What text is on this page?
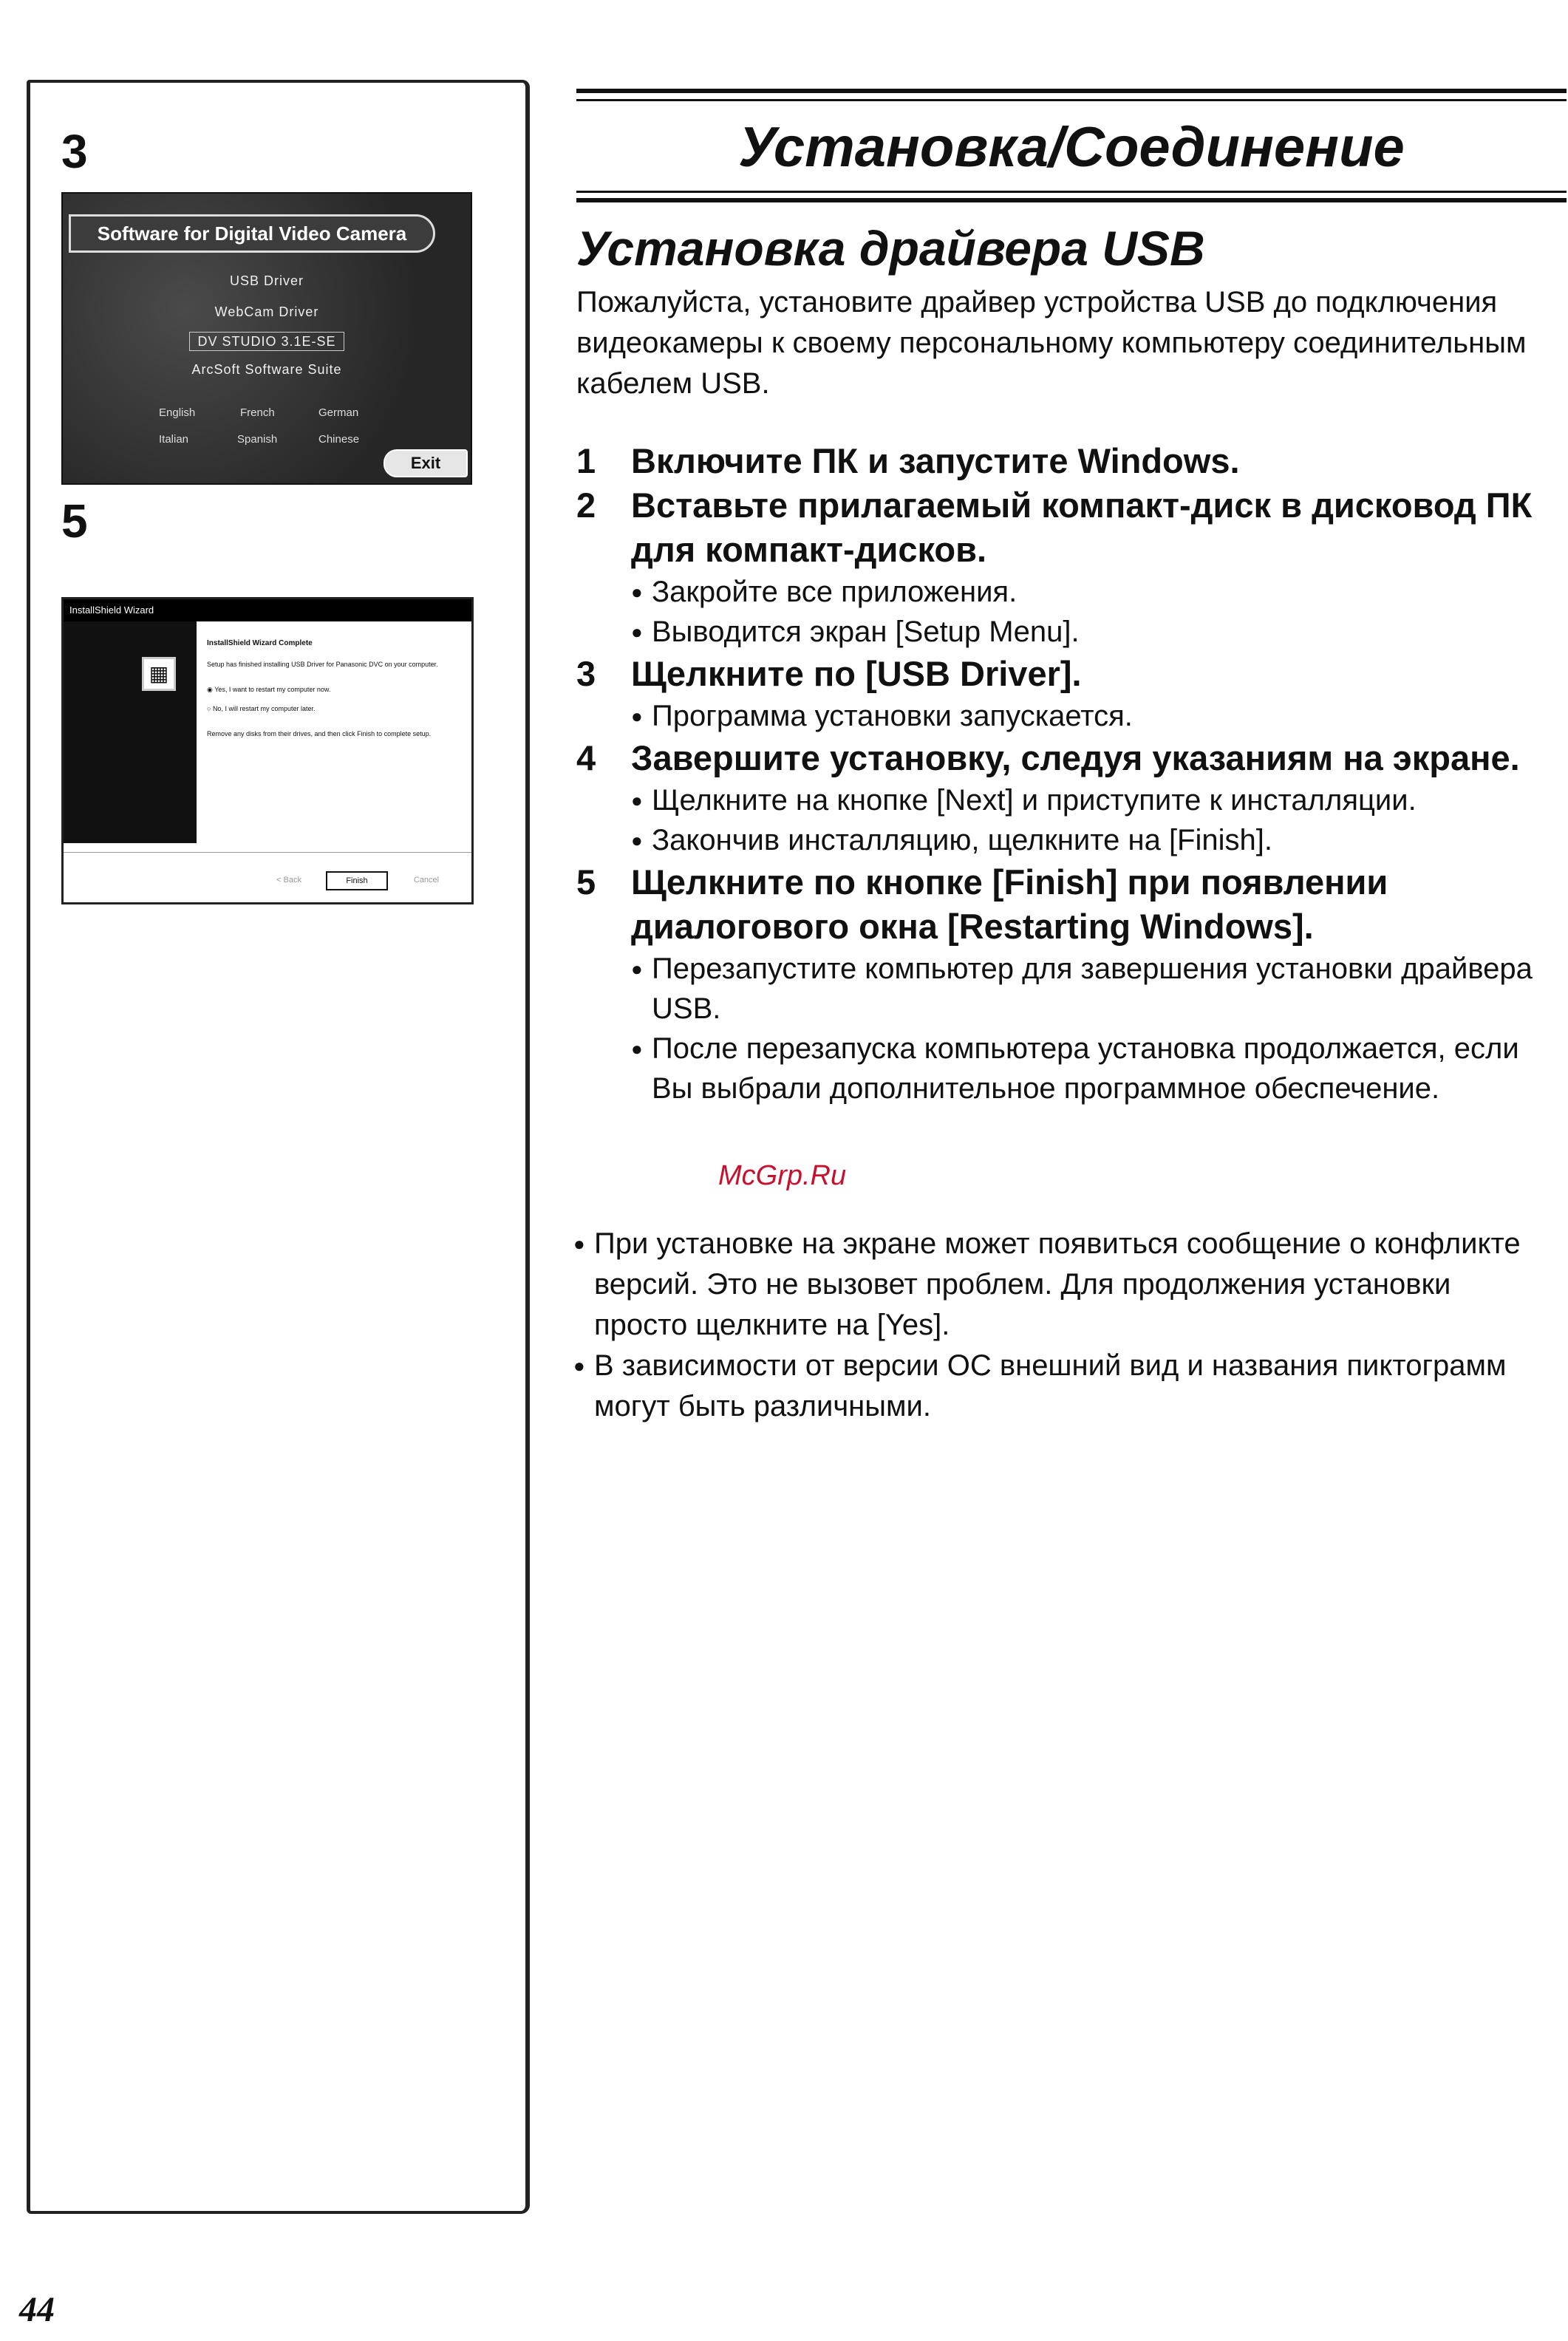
3
Software for Digital Video Camera
USB Driver
WebCam Driver
DV STUDIO 3.1E-SE
ArcSoft Software Suite
English	French	German
Italian	Spanish	Chinese
Exit
5
InstallShield Wizard
▦
InstallShield Wizard Complete
Setup has finished installing USB Driver for Panasonic DVC on your computer.
◉ Yes, I want to restart my computer now.
○ No, I will restart my computer later.
Remove any disks from their drives, and then click Finish to complete setup.
< Back	Finish	Cancel
Установка/Соединение
Установка драйвера USB
Пожалуйста, установите драйвер устройства USB до подключения видеокамеры к своему персональному компьютеру соединительным кабелем USB.
1 Включите ПК и запустите Windows.
2 Вставьте прилагаемый компакт-диск в дисковод ПК для компакт-дисков.
● Закройте все приложения.
● Выводится экран [Setup Menu].
3 Щелкните по [USB Driver].
● Программа установки запускается.
4 Завершите установку, следуя указаниям на экране.
● Щелкните на кнопке [Next] и приступите к инсталляции.
● Закончив инсталляцию, щелкните на [Finish].
5 Щелкните по кнопке [Finish] при появлении диалогового окна [Restarting Windows].
● Перезапустите компьютер для завершения установки драйвера USB.
● После перезапуска компьютера установка продолжается, если Вы выбрали дополнительное программное обеспечение.
McGrp.Ru
● При установке на экране может появиться сообщение о конфликте версий. Это не вызовет проблем. Для продолжения установки просто щелкните на [Yes].
● В зависимости от версии ОС внешний вид и названия пиктограмм могут быть различными.
44
